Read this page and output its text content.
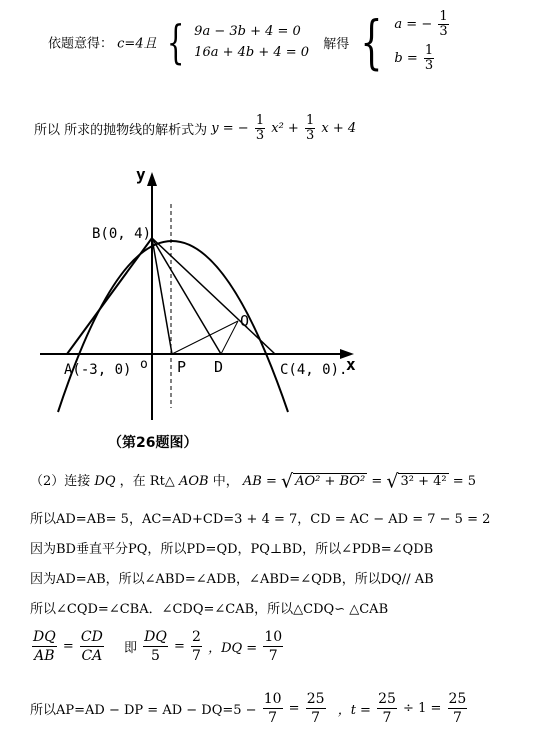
依题意得： c=4且 { 9a − 3b + 4 = 0
16a + 4b + 4 = 0
解得 { a = − $\frac{1}{3}$
$b = \frac{1}{3}$
所以 所求的抛物线的解析式为 y = − $\frac{1}{3} x^2 + \frac{1}{3}$ x + 4
y
x
B(0, 4)
A(-3, 0) o P D	C(4, 0).
Q
（第26题图）
（2）连接 DQ ，在 Rt△ AOB 中， AB = √ AO² + BO² = √ 3² + 4² = 5
所以AD=AB= 5，AC=AD+CD=3 + 4 = 7，CD = AC − AD = 7 − 5 = 2
因为BD垂直平分PQ，所以PD=QD，PQ⊥BD，所以∠PDB=∠QDB
因为AD=AB，所以∠ABD=∠ADB，∠ABD=∠QDB，所以DQ// AB
所以∠CQD=∠CBA．∠CDQ=∠CAB，所以△CDQ∽ △CAB
$\frac{DQ}{AB} = \frac{CD}{CA}$ 即 $\frac{DQ}{5} = \frac{2}{7}$ ，DQ = $\frac{10}{7}$
所以AP=AD − DP = AD − $DQ=5 - \frac{10}{7} = \frac{25}{7}$ ，$t = \frac{25}{7} \div 1 = \frac{25}{7}$
